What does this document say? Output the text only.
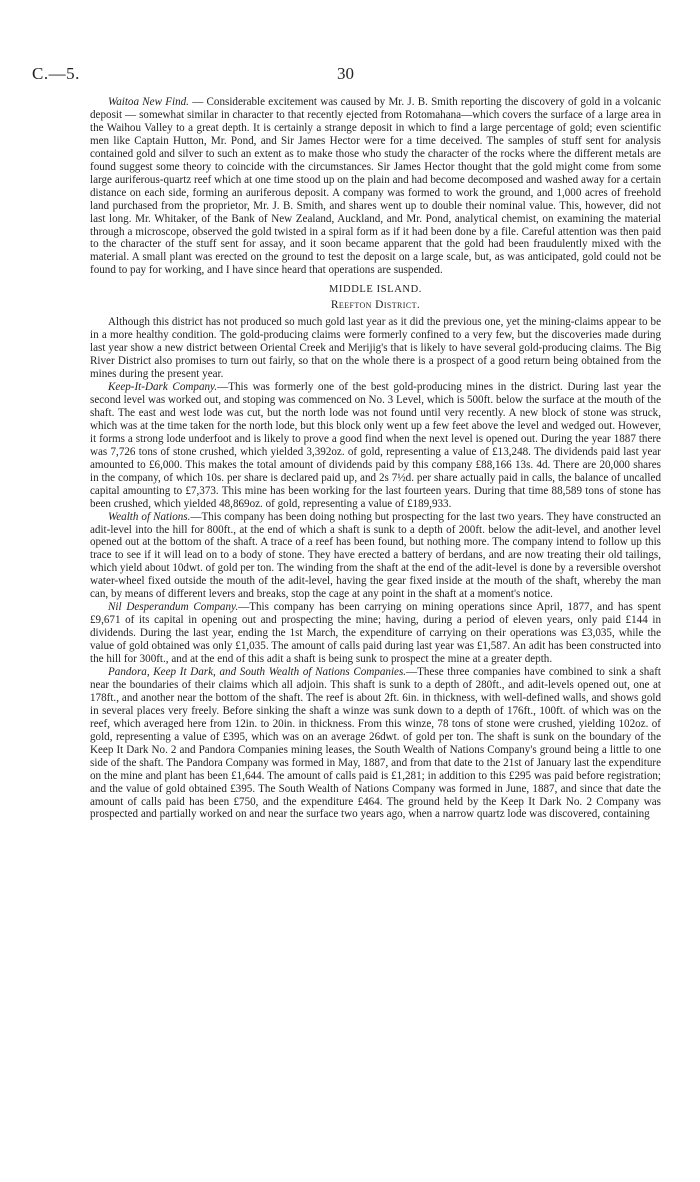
C.—5.	30

Waitoa New Find. — Considerable excitement was caused by Mr. J. B. Smith reporting the discovery of gold in a volcanic deposit — somewhat similar in character to that recently ejected from Rotomahana—which covers the surface of a large area in the Waihou Valley to a great depth. It is certainly a strange deposit in which to find a large percentage of gold; even scientific men like Captain Hutton, Mr. Pond, and Sir James Hector were for a time deceived. The samples of stuff sent for analysis contained gold and silver to such an extent as to make those who study the character of the rocks where the different metals are found suggest some theory to coincide with the circumstances. Sir James Hector thought that the gold might come from some large auriferous-quartz reef which at one time stood up on the plain and had become decomposed and washed away for a certain distance on each side, forming an auriferous deposit. A company was formed to work the ground, and 1,000 acres of freehold land purchased from the proprietor, Mr. J. B. Smith, and shares went up to double their nominal value. This, however, did not last long. Mr. Whitaker, of the Bank of New Zealand, Auckland, and Mr. Pond, analytical chemist, on examining the material through a microscope, observed the gold twisted in a spiral form as if it had been done by a file. Careful attention was then paid to the character of the stuff sent for assay, and it soon became apparent that the gold had been fraudulently mixed with the material. A small plant was erected on the ground to test the deposit on a large scale, but, as was anticipated, gold could not be found to pay for working, and I have since heard that operations are suspended.

MIDDLE ISLAND.
Reefton District.

Although this district has not produced so much gold last year as it did the previous one, yet the mining-claims appear to be in a more healthy condition. The gold-producing claims were formerly confined to a very few, but the discoveries made during last year show a new district between Oriental Creek and Merijig's that is likely to have several gold-producing claims. The Big River District also promises to turn out fairly, so that on the whole there is a prospect of a good return being obtained from the mines during the present year.

Keep-It-Dark Company.—This was formerly one of the best gold-producing mines in the district. During last year the second level was worked out, and stoping was commenced on No. 3 Level, which is 500ft. below the surface at the mouth of the shaft. The east and west lode was cut, but the north lode was not found until very recently. A new block of stone was struck, which was at the time taken for the north lode, but this block only went up a few feet above the level and wedged out. However, it forms a strong lode underfoot and is likely to prove a good find when the next level is opened out. During the year 1887 there was 7,726 tons of stone crushed, which yielded 3,392oz. of gold, representing a value of £13,248. The dividends paid last year amounted to £6,000. This makes the total amount of dividends paid by this company £88,166 13s. 4d. There are 20,000 shares in the company, of which 10s. per share is declared paid up, and 2s 7½d. per share actually paid in calls, the balance of uncalled capital amounting to £7,373. This mine has been working for the last fourteen years. During that time 88,589 tons of stone has been crushed, which yielded 48,869oz. of gold, representing a value of £189,933.

Wealth of Nations.—This company has been doing nothing but prospecting for the last two years. They have constructed an adit-level into the hill for 800ft., at the end of which a shaft is sunk to a depth of 200ft. below the adit-level, and another level opened out at the bottom of the shaft. A trace of a reef has been found, but nothing more. The company intend to follow up this trace to see if it will lead on to a body of stone. They have erected a battery of berdans, and are now treating their old tailings, which yield about 10dwt. of gold per ton. The winding from the shaft at the end of the adit-level is done by a reversible overshot water-wheel fixed outside the mouth of the adit-level, having the gear fixed inside at the mouth of the shaft, whereby the man can, by means of different levers and breaks, stop the cage at any point in the shaft at a moment's notice.

Nil Desperandum Company.—This company has been carrying on mining operations since April, 1877, and has spent £9,671 of its capital in opening out and prospecting the mine; having, during a period of eleven years, only paid £144 in dividends. During the last year, ending the 1st March, the expenditure of carrying on their operations was £3,035, while the value of gold obtained was only £1,035. The amount of calls paid during last year was £1,587. An adit has been constructed into the hill for 300ft., and at the end of this adit a shaft is being sunk to prospect the mine at a greater depth.

Pandora, Keep It Dark, and South Wealth of Nations Companies.—These three companies have combined to sink a shaft near the boundaries of their claims which all adjoin. This shaft is sunk to a depth of 280ft., and adit-levels opened out, one at 178ft., and another near the bottom of the shaft. The reef is about 2ft. 6in. in thickness, with well-defined walls, and shows gold in several places very freely. Before sinking the shaft a winze was sunk down to a depth of 176ft., 100ft. of which was on the reef, which averaged here from 12in. to 20in. in thickness. From this winze, 78 tons of stone were crushed, yielding 102oz. of gold, representing a value of £395, which was on an average 26dwt. of gold per ton. The shaft is sunk on the boundary of the Keep It Dark No. 2 and Pandora Companies mining leases, the South Wealth of Nations Company's ground being a little to one side of the shaft. The Pandora Company was formed in May, 1887, and from that date to the 21st of January last the expenditure on the mine and plant has been £1,644. The amount of calls paid is £1,281; in addition to this £295 was paid before registration; and the value of gold obtained £395. The South Wealth of Nations Company was formed in June, 1887, and since that date the amount of calls paid has been £750, and the expenditure £464. The ground held by the Keep It Dark No. 2 Company was prospected and partially worked on and near the surface two years ago, when a narrow quartz lode was discovered, containing
